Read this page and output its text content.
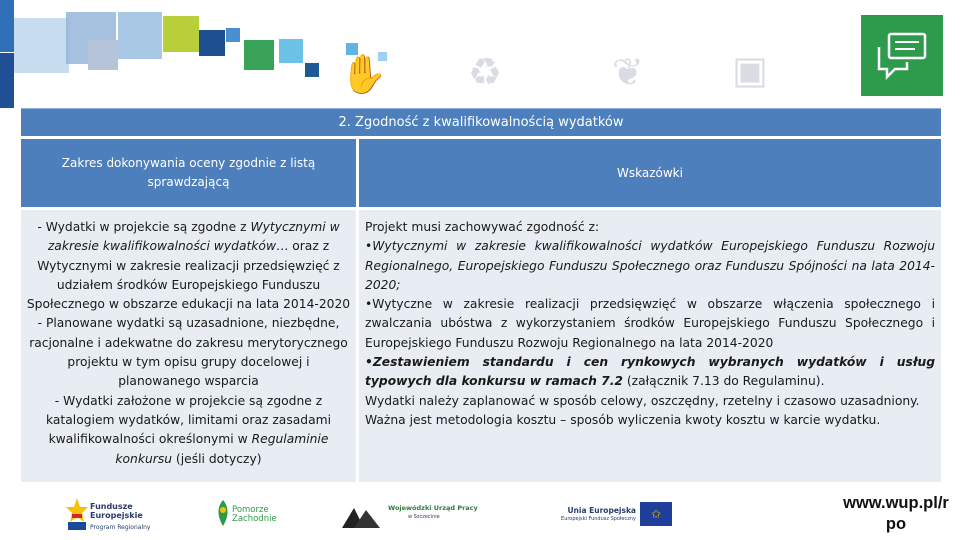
✋ ♻	❦ ▣
2. Zgodność z kwalifikowalnością wydatków
Zakres dokonywania oceny zgodnie z listą sprawdzającą
Wskazówki

- Wydatki w projekcie są zgodne z Wytycznymi w zakresie kwalifikowalności wydatków… oraz z Wytycznymi w zakresie realizacji przedsięwzięć z udziałem środków Europejskiego Funduszu Społecznego w obszarze edukacji na lata 2014-2020

- Planowane wydatki są uzasadnione, niezbędne, racjonalne i adekwatne do zakresu merytorycznego projektu w tym opisu grupy docelowej i planowanego wsparcia

- Wydatki założone w projekcie są zgodne z katalogiem wydatków, limitami oraz zasadami kwalifikowalności określonymi w Regulaminie konkursu (jeśli dotyczy)

Projekt musi zachowywać zgodność z:

•Wytycznymi w zakresie kwalifikowalności wydatków Europejskiego Funduszu Rozwoju Regionalnego, Europejskiego Funduszu Społecznego oraz Funduszu Spójności na lata 2014-2020;

•Wytyczne w zakresie realizacji przedsięwzięć w obszarze włączenia społecznego i zwalczania ubóstwa z wykorzystaniem środków Europejskiego Funduszu Społecznego i Europejskiego Funduszu Rozwoju Regionalnego na lata 2014-2020

•Zestawieniem standardu i cen rynkowych wybranych wydatków i usług typowych dla konkursu w ramach 7.2 (załącznik 7.13 do Regulaminu).

Wydatki należy zaplanować w sposób celowy, oszczędny, rzetelny i czasowo uzasadniony.

Ważna jest metodologia kosztu – sposób wyliczenia kwoty kosztu w karcie wydatku.

Fundusze
Europejskie
Program Regionalny
Pomorze
Zachodnie
Wojewódzki Urząd Pracy
w Szczecinie
Unia Europejska
Europejski Fundusz Społeczny	✩
www.wup.pl/r po
